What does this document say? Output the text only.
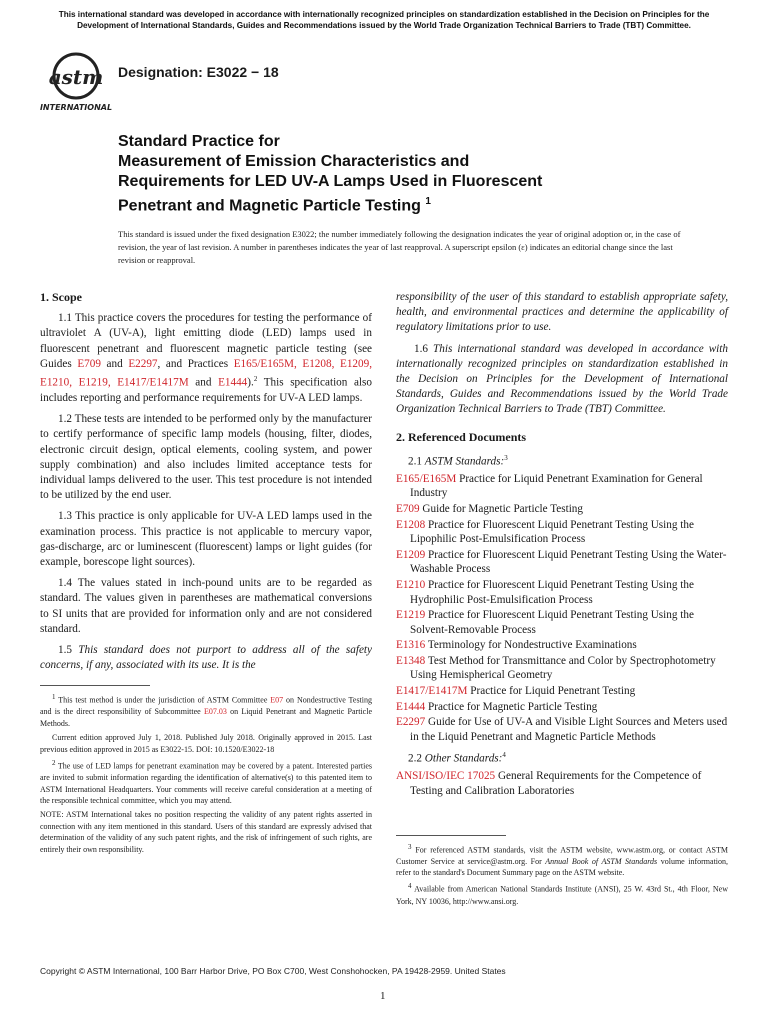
This international standard was developed in accordance with internationally recognized principles on standardization established in the Decision on Principles for the Development of International Standards, Guides and Recommendations issued by the World Trade Organization Technical Barriers to Trade (TBT) Committee.
astm
INTERNATIONAL
Designation: E3022 − 18
Standard Practice for
Measurement of Emission Characteristics and
Requirements for LED UV-A Lamps Used in Fluorescent
Penetrant and Magnetic Particle Testing $^1$
This standard is issued under the fixed designation E3022; the number immediately following the designation indicates the year of original adoption or, in the case of revision, the year of last revision. A number in parentheses indicates the year of last reapproval. A superscript epsilon (ε) indicates an editorial change since the last revision or reapproval.
1. Scope

1.1 This practice covers the procedures for testing the performance of ultraviolet A (UV-A), light emitting diode (LED) lamps used in fluorescent penetrant and fluorescent magnetic particle testing (see Guides E709 and E2297, and Practices E165/E165M, E1208, E1209, E1210, E1219, E1417/E1417M and E1444).$^2$ This specification also includes reporting and performance requirements for UV-A LED lamps.

1.2 These tests are intended to be performed only by the manufacturer to certify performance of specific lamp models (housing, filter, diodes, electronic circuit design, optical elements, cooling system, and power supply combination) and also includes limited acceptance tests for individual lamps delivered to the user. This test procedure is not intended to be utilized by the end user.

1.3 This practice is only applicable for UV-A LED lamps used in the examination process. This practice is not applicable to mercury vapor, gas-discharge, arc or luminescent (fluorescent) lamps or light guides (for example, borescope light sources).

1.4 The values stated in inch-pound units are to be regarded as standard. The values given in parentheses are mathematical conversions to SI units that are provided for information only and are not considered standard.

1.5 This standard does not purport to address all of the safety concerns, if any, associated with its use. It is the

$^1$ This test method is under the jurisdiction of ASTM Committee E07 on Nondestructive Testing and is the direct responsibility of Subcommittee E07.03 on Liquid Penetrant and Magnetic Particle Methods.

Current edition approved July 1, 2018. Published July 2018. Originally approved in 2015. Last previous edition approved in 2015 as E3022-15. DOI: 10.1520/E3022-18

$^2$ The use of LED lamps for penetrant examination may be covered by a patent. Interested parties are invited to submit information regarding the identification of alternative(s) to this patented item to ASTM International Headquarters. Your comments will receive careful consideration at a meeting of the responsible technical committee, which you may attend.

NOTE: ASTM International takes no position respecting the validity of any patent rights asserted in connection with any item mentioned in this standard. Users of this standard are expressly advised that determination of the validity of any such patent rights, and the risk of infringement of such rights, are entirely their own responsibility.

responsibility of the user of this standard to establish appropriate safety, health, and environmental practices and determine the applicability of regulatory limitations prior to use.

1.6 This international standard was developed in accordance with internationally recognized principles on standardization established in the Decision on Principles for the Development of International Standards, Guides and Recommendations issued by the World Trade Organization Technical Barriers to Trade (TBT) Committee.

2. Referenced Documents

2.1 ASTM Standards:$^3$

E165/E165M Practice for Liquid Penetrant Examination for General Industry
E709 Guide for Magnetic Particle Testing
E1208 Practice for Fluorescent Liquid Penetrant Testing Using the Lipophilic Post-Emulsification Process
E1209 Practice for Fluorescent Liquid Penetrant Testing Using the Water-Washable Process
E1210 Practice for Fluorescent Liquid Penetrant Testing Using the Hydrophilic Post-Emulsification Process
E1219 Practice for Fluorescent Liquid Penetrant Testing Using the Solvent-Removable Process
E1316 Terminology for Nondestructive Examinations
E1348 Test Method for Transmittance and Color by Spectrophotometry Using Hemispherical Geometry
E1417/E1417M Practice for Liquid Penetrant Testing
E1444 Practice for Magnetic Particle Testing
E2297 Guide for Use of UV-A and Visible Light Sources and Meters used in the Liquid Penetrant and Magnetic Particle Methods

2.2 Other Standards:$^4$

ANSI/ISO/IEC 17025 General Requirements for the Competence of Testing and Calibration Laboratories

$^3$ For referenced ASTM standards, visit the ASTM website, www.astm.org, or contact ASTM Customer Service at service@astm.org. For Annual Book of ASTM Standards volume information, refer to the standard's Document Summary page on the ASTM website.

$^4$ Available from American National Standards Institute (ANSI), 25 W. 43rd St., 4th Floor, New York, NY 10036, http://www.ansi.org.

Copyright © ASTM International, 100 Barr Harbor Drive, PO Box C700, West Conshohocken, PA 19428-2959. United States
1
